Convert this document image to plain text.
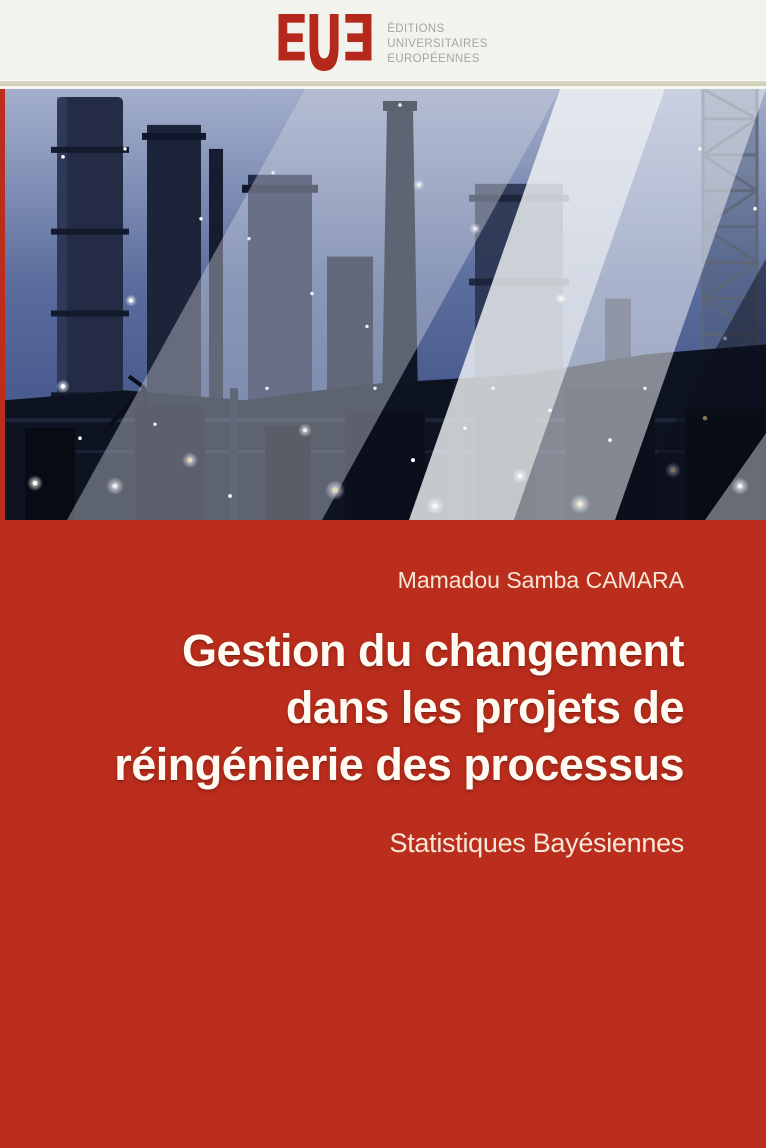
ÉDITIONS
UNIVERSITAIRES
EUROPÉENNES
Mamadou Samba CAMARA
Gestion du changement
dans les projets de
réingénierie des processus
Statistiques Bayésiennes
